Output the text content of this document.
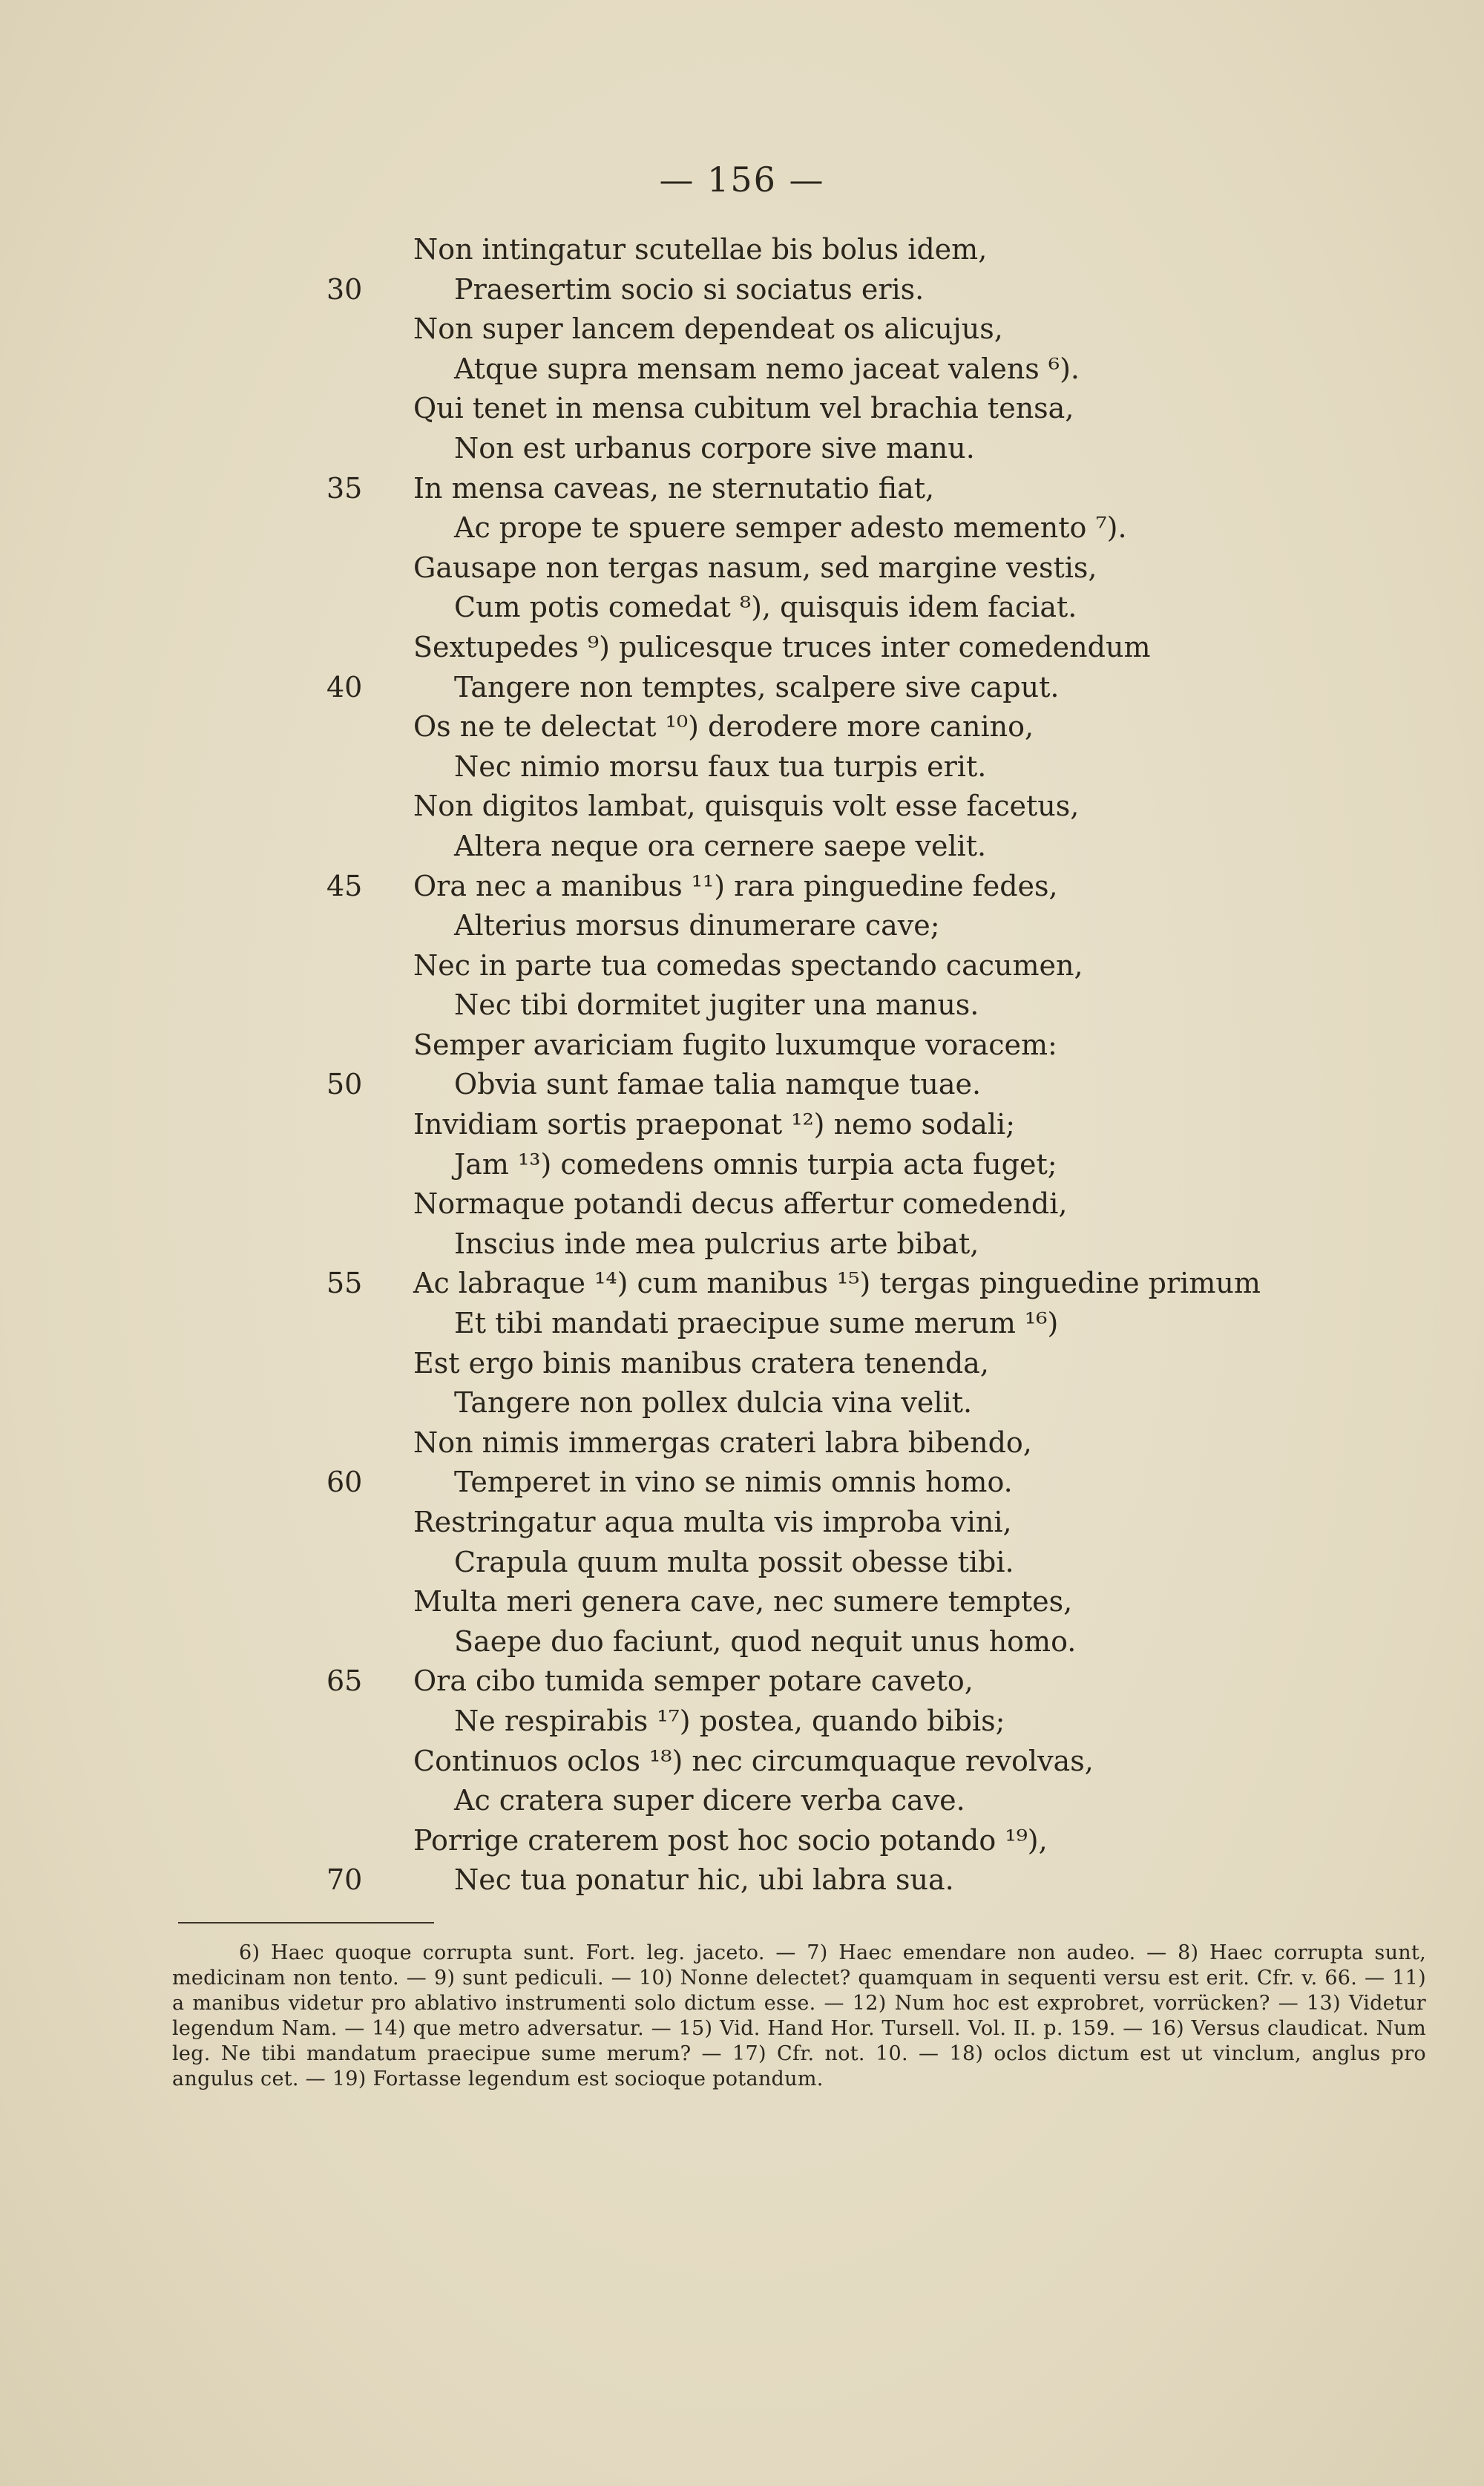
— 156 —
Non intingatur scutellae bis bolus idem,
30	Praesertim socio si sociatus eris.
Non super lancem dependeat os alicujus,
Atque supra mensam nemo jaceat valens ⁶).
Qui tenet in mensa cubitum vel brachia tensa,
Non est urbanus corpore sive manu.
35	In mensa caveas, ne sternutatio fiat,
Ac prope te spuere semper adesto memento ⁷).
Gausape non tergas nasum, sed margine vestis,
Cum potis comedat ⁸), quisquis idem faciat.
Sextupedes ⁹) pulicesque truces inter comedendum
40	Tangere non temptes, scalpere sive caput.
Os ne te delectat ¹⁰) derodere more canino,
Nec nimio morsu faux tua turpis erit.
Non digitos lambat, quisquis volt esse facetus,
Altera neque ora cernere saepe velit.
45	Ora nec a manibus ¹¹) rara pinguedine fedes,
Alterius morsus dinumerare cave;
Nec in parte tua comedas spectando cacumen,
Nec tibi dormitet jugiter una manus.
Semper avariciam fugito luxumque voracem:
50	Obvia sunt famae talia namque tuae.
Invidiam sortis praeponat ¹²) nemo sodali;
Jam ¹³) comedens omnis turpia acta fuget;
Normaque potandi decus affertur comedendi,
Inscius inde mea pulcrius arte bibat,
55	Ac labraque ¹⁴) cum manibus ¹⁵) tergas pinguedine primum
Et tibi mandati praecipue sume merum ¹⁶)
Est ergo binis manibus cratera tenenda,
Tangere non pollex dulcia vina velit.
Non nimis immergas crateri labra bibendo,
60	Temperet in vino se nimis omnis homo.
Restringatur aqua multa vis improba vini,
Crapula quum multa possit obesse tibi.
Multa meri genera cave, nec sumere temptes,
Saepe duo faciunt, quod nequit unus homo.
65	Ora cibo tumida semper potare caveto,
Ne respirabis ¹⁷) postea, quando bibis;
Continuos oclos ¹⁸) nec circumquaque revolvas,
Ac cratera super dicere verba cave.
Porrige craterem post hoc socio potando ¹⁹),
70	Nec tua ponatur hic, ubi labra sua.

6) Haec quoque corrupta sunt. Fort. leg. jaceto. — 7) Haec emendare non audeo. — 8) Haec corrupta sunt, medicinam non tento. — 9) sunt pediculi. — 10) Nonne delectet? quamquam in sequenti versu est erit. Cfr. v. 66. — 11) a manibus videtur pro ablativo instrumenti solo dictum esse. — 12) Num hoc est exprobret, vorrücken? — 13) Videtur legendum Nam. — 14) que metro adversatur. — 15) Vid. Hand Hor. Tursell. Vol. II. p. 159. — 16) Versus claudicat. Num leg. Ne tibi mandatum praecipue sume merum? — 17) Cfr. not. 10. — 18) oclos dictum est ut vinclum, anglus pro angulus cet. — 19) Fortasse legendum est socioque potandum.
